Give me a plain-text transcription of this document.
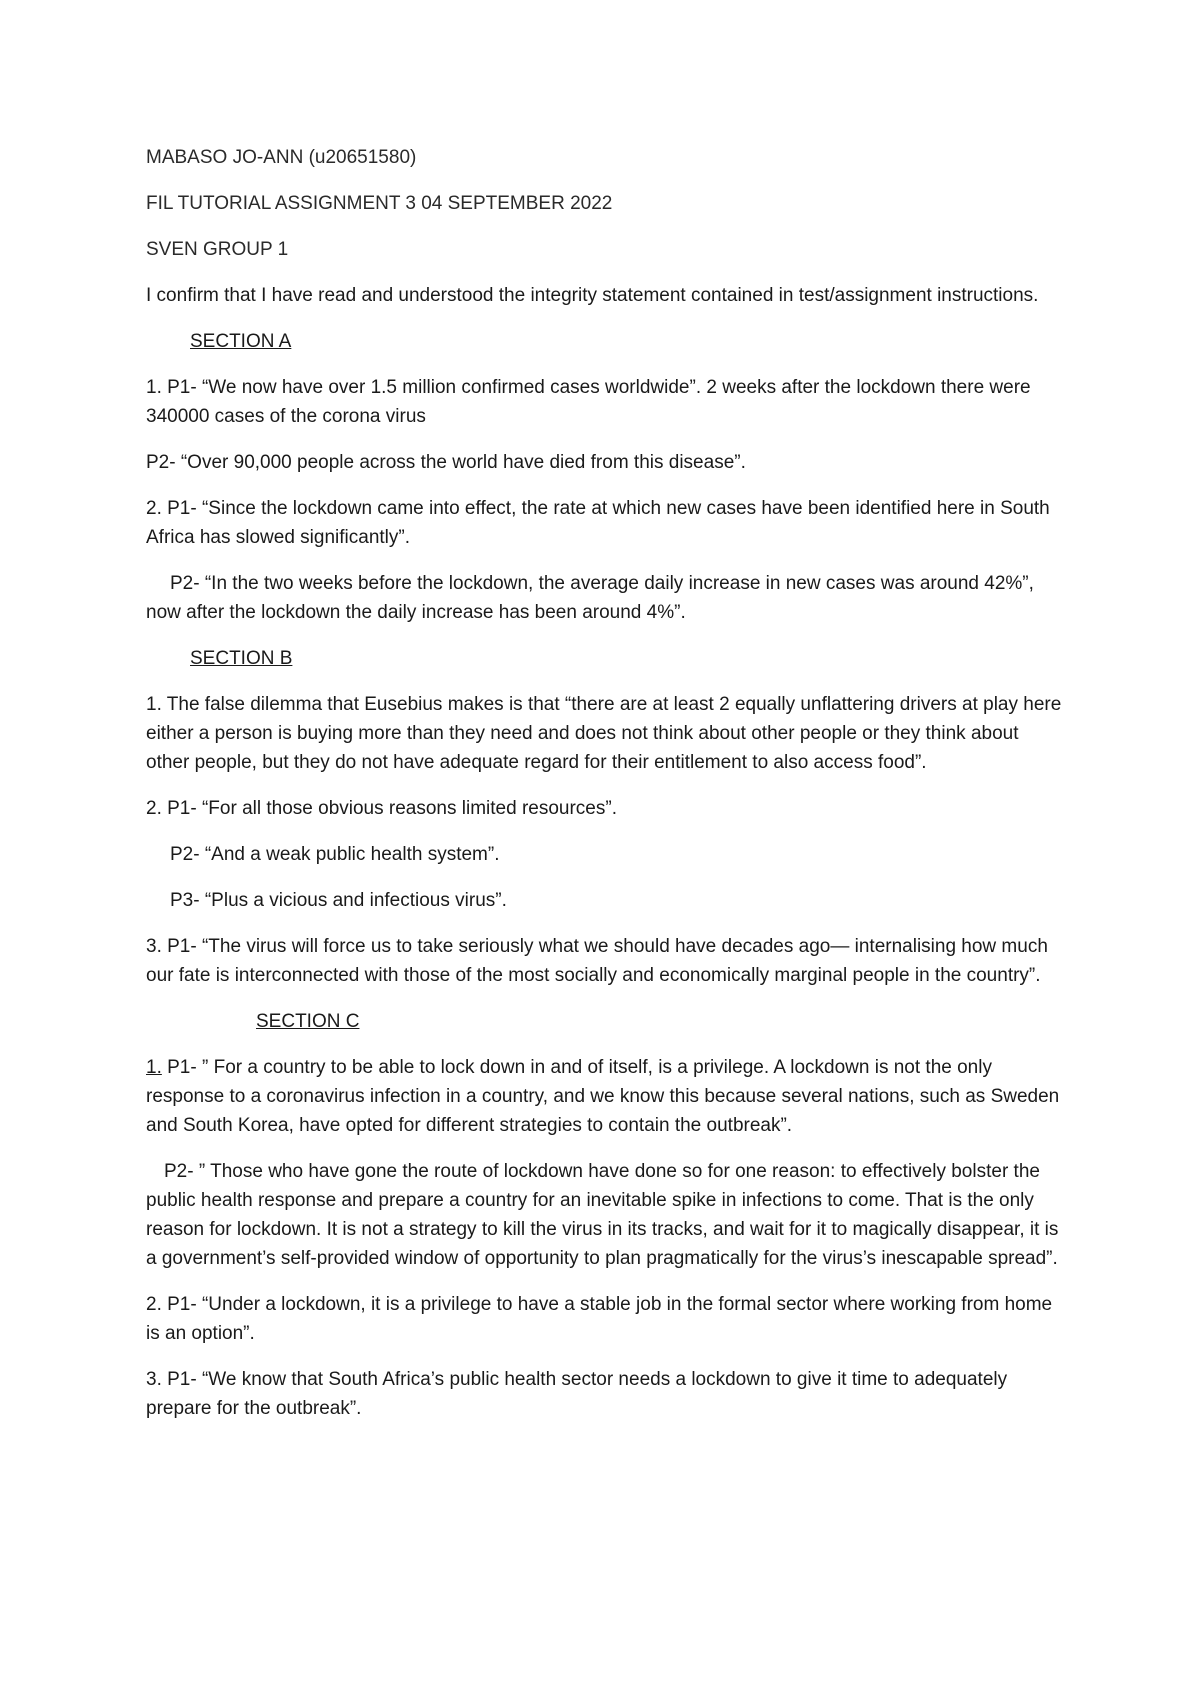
MABASO JO-ANN (u20651580)

FIL TUTORIAL ASSIGNMENT 3 04 SEPTEMBER 2022

SVEN GROUP 1

I confirm that I have read and understood the integrity statement contained in test/assignment instructions.

SECTION A

1. P1- “We now have over 1.5 million confirmed cases worldwide”. 2 weeks after the lockdown there were 340000 cases of the corona virus

P2- “Over 90,000 people across the world have died from this disease”.

2. P1- “Since the lockdown came into effect, the rate at which new cases have been identified here in South Africa has slowed significantly”.

P2- “In the two weeks before the lockdown, the average daily increase in new cases was around 42%”, now after the lockdown the daily increase has been around 4%”.

SECTION B

1. The false dilemma that Eusebius makes is that “there are at least 2 equally unflattering drivers at play here either a person is buying more than they need and does not think about other people or they think about other people, but they do not have adequate regard for their entitlement to also access food”.

2. P1- “For all those obvious reasons limited resources”.

P2- “And a weak public health system”.

P3- “Plus a vicious and infectious virus”.

3. P1- “The virus will force us to take seriously what we should have decades ago— internalising how much our fate is interconnected with those of the most socially and economically marginal people in the country”.

SECTION C

1. P1- ” For a country to be able to lock down in and of itself, is a privilege. A lockdown is not the only response to a coronavirus infection in a country, and we know this because several nations, such as Sweden and South Korea, have opted for different strategies to contain the outbreak”.

P2- ” Those who have gone the route of lockdown have done so for one reason: to effectively bolster the public health response and prepare a country for an inevitable spike in infections to come. That is the only reason for lockdown. It is not a strategy to kill the virus in its tracks, and wait for it to magically disappear, it is a government’s self-provided window of opportunity to plan pragmatically for the virus’s inescapable spread”.

2. P1- “Under a lockdown, it is a privilege to have a stable job in the formal sector where working from home is an option”.

3. P1- “We know that South Africa’s public health sector needs a lockdown to give it time to adequately prepare for the outbreak”.
